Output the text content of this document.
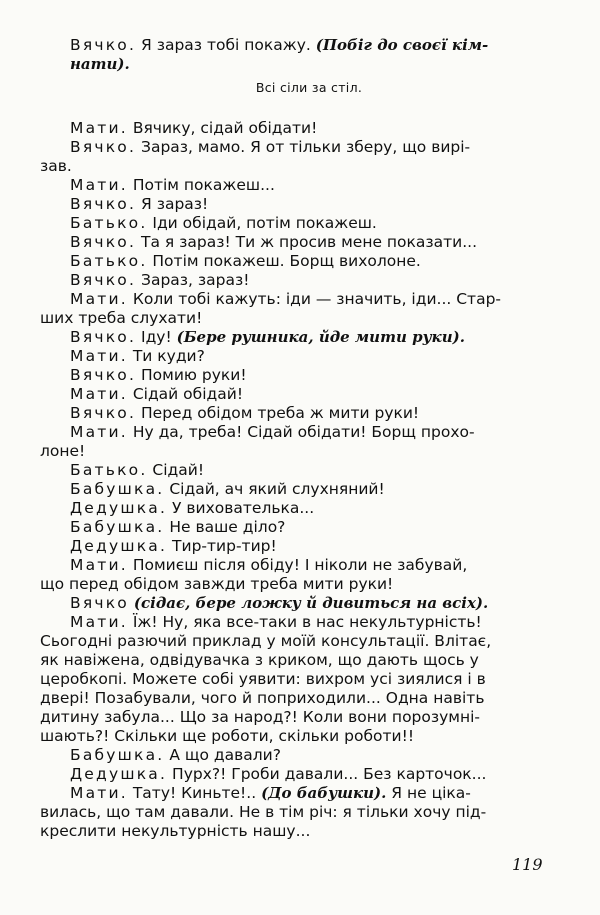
Вячко. Я зараз тобі покажу. (Побіг до своєї кім-
нати).
Всі сіли за стіл.
Мати. Вячику, сідай обідати!
Вячко. Зараз, мамо. Я от тільки зберу, що вирі-
зав.
Мати. Потім покажеш...
Вячко. Я зараз!
Батько. Іди обідай, потім покажеш.
Вячко. Та я зараз! Ти ж просив мене показати...
Батько. Потім покажеш. Борщ вихолоне.
Вячко. Зараз, зараз!
Мати. Коли тобі кажуть: іди — значить, іди... Стар-
ших треба слухати!
Вячко. Іду! (Бере рушника, йде мити руки).
Мати. Ти куди?
Вячко. Помию руки!
Мати. Сідай обідай!
Вячко. Перед обідом треба ж мити руки!
Мати. Ну да, треба! Сідай обідати! Борщ прохо-
лоне!
Батько. Сідай!
Бабушка. Сідай, ач який слухняний!
Дедушка. У вихователька...
Бабушка. Не ваше діло?
Дедушка. Тир-тир-тир!
Мати. Помиєш після обіду! І ніколи не забувай,
що перед обідом завжди треба мити руки!
Вячко (сідає, бере ложку й дивиться на всіх).
Мати. Їж! Ну, яка все-таки в нас некультурність!
Сьогодні разючий приклад у моїй консультації. Влітає,
як навіжена, одвідувачка з криком, що дають щось у
церобкопі. Можете собі уявити: вихром усі зиялися і в
двері! Позабували, чого й поприходили... Одна навіть
дитину забула... Що за народ?! Коли вони порозумні-
шають?! Скільки ще роботи, скільки роботи!!
Бабушка. А що давали?
Дедушка. Пурх?! Гроби давали... Без карточок...
Мати. Тату! Киньте!.. (До бабушки). Я не ціка-
вилась, що там давали. Не в тім річ: я тільки хочу під-
креслити некультурність нашу...
119
